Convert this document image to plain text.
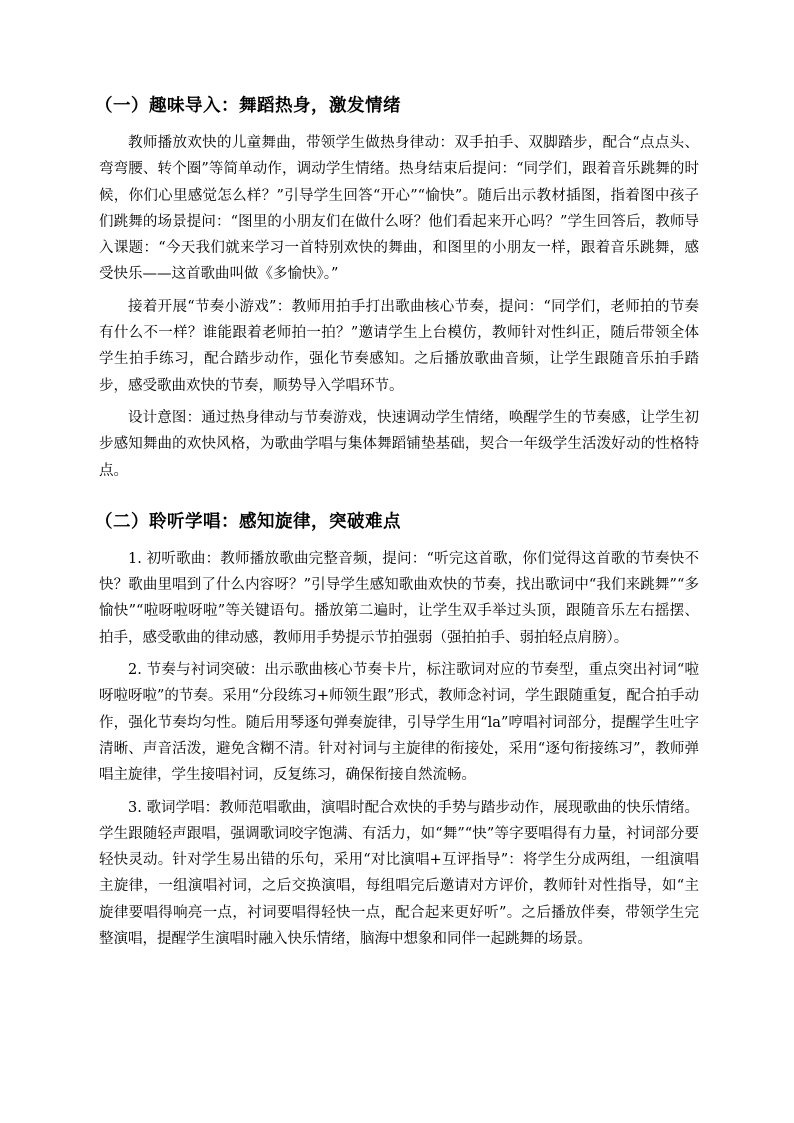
（一）趣味导入：舞蹈热身，激发情绪

教师播放欢快的儿童舞曲，带领学生做热身律动：双手拍手、双脚踏步，配合“点点头、弯弯腰、转个圈”等简单动作，调动学生情绪。热身结束后提问：“同学们，跟着音乐跳舞的时候，你们心里感觉怎么样？”引导学生回答“开心”“愉快”。随后出示教材插图，指着图中孩子们跳舞的场景提问：“图里的小朋友们在做什么呀？他们看起来开心吗？”学生回答后，教师导入课题：“今天我们就来学习一首特别欢快的舞曲，和图里的小朋友一样，跟着音乐跳舞，感受快乐——这首歌曲叫做《多愉快》。”

接着开展“节奏小游戏”：教师用拍手打出歌曲核心节奏，提问：“同学们，老师拍的节奏有什么不一样？谁能跟着老师拍一拍？”邀请学生上台模仿，教师针对性纠正，随后带领全体学生拍手练习，配合踏步动作，强化节奏感知。之后播放歌曲音频，让学生跟随音乐拍手踏步，感受歌曲欢快的节奏，顺势导入学唱环节。

设计意图：通过热身律动与节奏游戏，快速调动学生情绪，唤醒学生的节奏感，让学生初步感知舞曲的欢快风格，为歌曲学唱与集体舞蹈铺垫基础，契合一年级学生活泼好动的性格特点。

（二）聆听学唱：感知旋律，突破难点

1. 初听歌曲：教师播放歌曲完整音频，提问：“听完这首歌，你们觉得这首歌的节奏快不快？歌曲里唱到了什么内容呀？”引导学生感知歌曲欢快的节奏，找出歌词中“我们来跳舞”“多愉快”“啦呀啦呀啦”等关键语句。播放第二遍时，让学生双手举过头顶，跟随音乐左右摇摆、拍手，感受歌曲的律动感，教师用手势提示节拍强弱（强拍拍手、弱拍轻点肩膀）。

2. 节奏与衬词突破：出示歌曲核心节奏卡片，标注歌词对应的节奏型，重点突出衬词“啦呀啦呀啦”的节奏。采用“分段练习+师领生跟”形式，教师念衬词，学生跟随重复，配合拍手动作，强化节奏均匀性。随后用琴逐句弹奏旋律，引导学生用“la”哼唱衬词部分，提醒学生吐字清晰、声音活泼，避免含糊不清。针对衬词与主旋律的衔接处，采用“逐句衔接练习”，教师弹唱主旋律，学生接唱衬词，反复练习，确保衔接自然流畅。

3. 歌词学唱：教师范唱歌曲，演唱时配合欢快的手势与踏步动作，展现歌曲的快乐情绪。学生跟随轻声跟唱，强调歌词咬字饱满、有活力，如“舞”“快”等字要唱得有力量，衬词部分要轻快灵动。针对学生易出错的乐句，采用“对比演唱+互评指导”：将学生分成两组，一组演唱主旋律，一组演唱衬词，之后交换演唱，每组唱完后邀请对方评价，教师针对性指导，如“主旋律要唱得响亮一点，衬词要唱得轻快一点，配合起来更好听”。之后播放伴奏，带领学生完整演唱，提醒学生演唱时融入快乐情绪，脑海中想象和同伴一起跳舞的场景。
